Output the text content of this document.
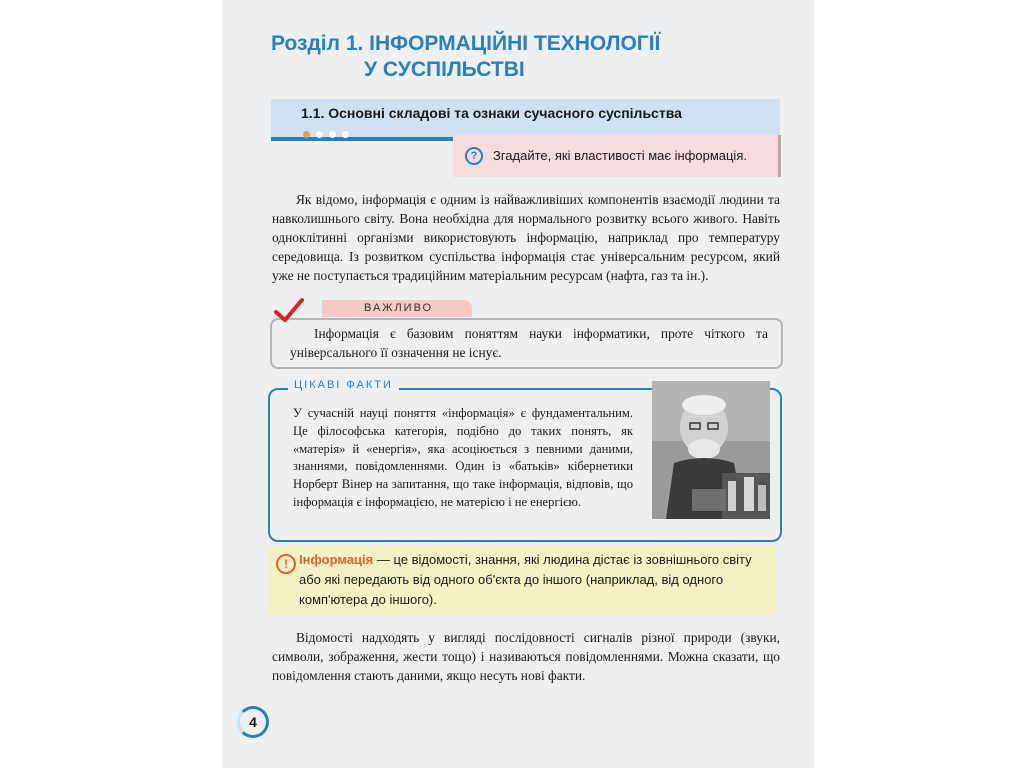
Розділ 1. ІНФОРМАЦІЙНІ ТЕХНОЛОГІЇ
У СУСПІЛЬСТВІ
1.1. Основні складові та ознаки сучасного суспільства
?	Згадайте, які властивості має інформація.

Як відомо, інформація є одним із найважливіших компонентів взаємодії людини та навколишнього світу. Вона необхідна для нормального розвитку всього живого. Навіть одноклітинні організми використовують інформацію, наприклад про температуру середовища. Із розвитком суспільства інформація стає універсальним ресурсом, який уже не поступається традиційним матеріальним ресурсам (нафта, газ та ін.).

ВАЖЛИВО

Інформація є базовим поняттям науки інформатики, проте чіткого та універсального її означення не існує.

ЦІКАВІ ФАКТИ

У сучасній науці поняття «інформація» є фундаментальним. Це філософська категорія, подібно до таких понять, як «матерія» й «енергія», яка асоціюється з певними даними, знаннями, повідомленнями. Один із «батьків» кібернетики Норберт Вінер на запитання, що таке інформація, відповів, що інформація є інформацією, не матерією і не енергією.

! Інформація — це відомості, знання, які людина дістає із зовнішнього світу або які передають від одного об'єкта до іншого (наприклад, від одного комп'ютера до іншого).

Відомості надходять у вигляді послідовності сигналів різної природи (звуки, символи, зображення, жести тощо) і називаються повідомленнями. Можна сказати, що повідомлення стають даними, якщо несуть нові факти.

4
